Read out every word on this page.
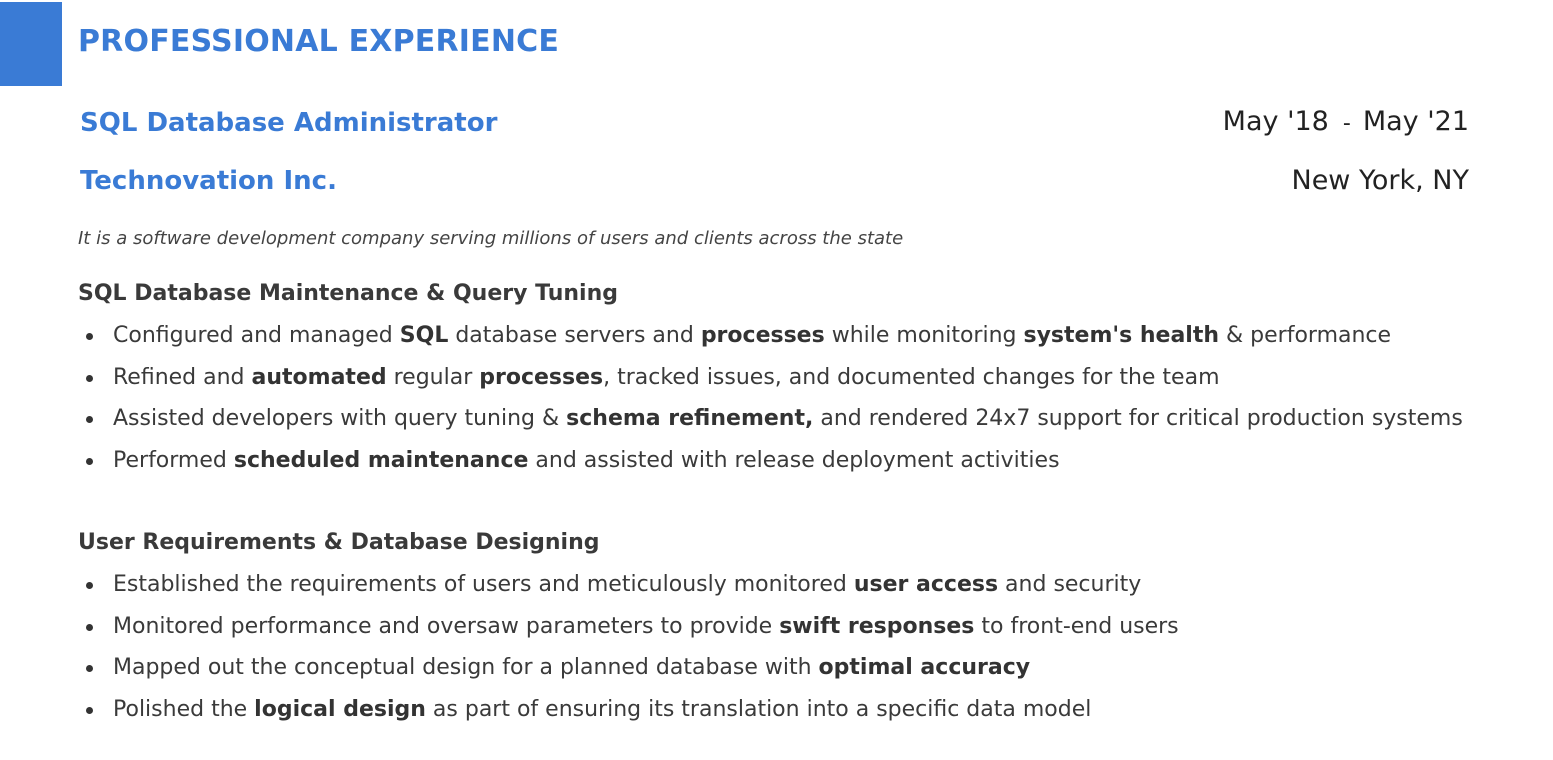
PROFESSIONAL EXPERIENCE
SQL Database Administrator	May '18 - May '21
Technovation Inc.	New York, NY
It is a software development company serving millions of users and clients across the state
SQL Database Maintenance & Query Tuning
Configured and managed SQL database servers and processes while monitoring system's health & performance
Refined and automated regular processes, tracked issues, and documented changes for the team
Assisted developers with query tuning & schema refinement, and rendered 24x7 support for critical production systems
Performed scheduled maintenance and assisted with release deployment activities
User Requirements & Database Designing
Established the requirements of users and meticulously monitored user access and security
Monitored performance and oversaw parameters to provide swift responses to front-end users
Mapped out the conceptual design for a planned database with optimal accuracy
Polished the logical design as part of ensuring its translation into a specific data model
